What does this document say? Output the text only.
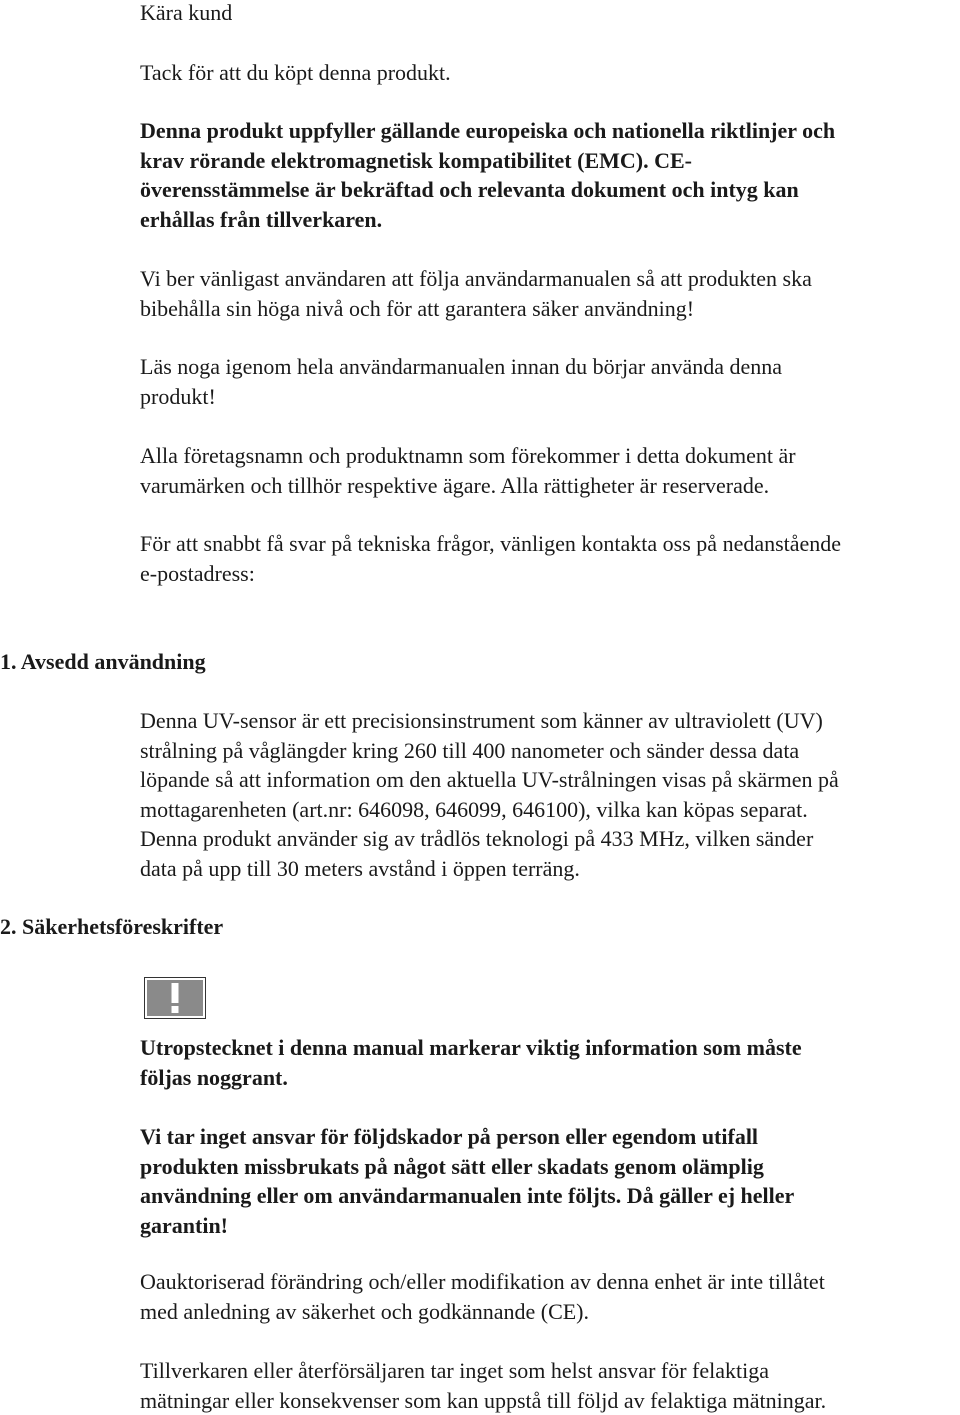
Kära kund

Tack för att du köpt denna produkt.

Denna produkt uppfyller gällande europeiska och nationella riktlinjer och
krav rörande elektromagnetisk kompatibilitet (EMC). CE-
överensstämmelse är bekräftad och relevanta dokument och intyg kan
erhållas från tillverkaren.

Vi ber vänligast användaren att följa användarmanualen så att produkten ska
bibehålla sin höga nivå och för att garantera säker användning!

Läs noga igenom hela användarmanualen innan du börjar använda denna
produkt!

Alla företagsnamn och produktnamn som förekommer i detta dokument är
varumärken och tillhör respektive ägare. Alla rättigheter är reserverade.

För att snabbt få svar på tekniska frågor, vänligen kontakta oss på nedanstående
e-postadress:

1. Avsedd användning

Denna UV-sensor är ett precisionsinstrument som känner av ultraviolett (UV)
strålning på våglängder kring 260 till 400 nanometer och sänder dessa data
löpande så att information om den aktuella UV-strålningen visas på skärmen på
mottagarenheten (art.nr: 646098, 646099, 646100), vilka kan köpas separat.
Denna produkt använder sig av trådlös teknologi på 433 MHz, vilken sänder
data på upp till 30 meters avstånd i öppen terräng.

2. Säkerhetsföreskrifter

Utropstecknet i denna manual markerar viktig information som måste
följas noggrant.

Vi tar inget ansvar för följdskador på person eller egendom utifall
produkten missbrukats på något sätt eller skadats genom olämplig
användning eller om användarmanualen inte följts. Då gäller ej heller
garantin!

Oauktoriserad förändring och/eller modifikation av denna enhet är inte tillåtet
med anledning av säkerhet och godkännande (CE).

Tillverkaren eller återförsäljaren tar inget som helst ansvar för felaktiga
mätningar eller konsekvenser som kan uppstå till följd av felaktiga mätningar.
